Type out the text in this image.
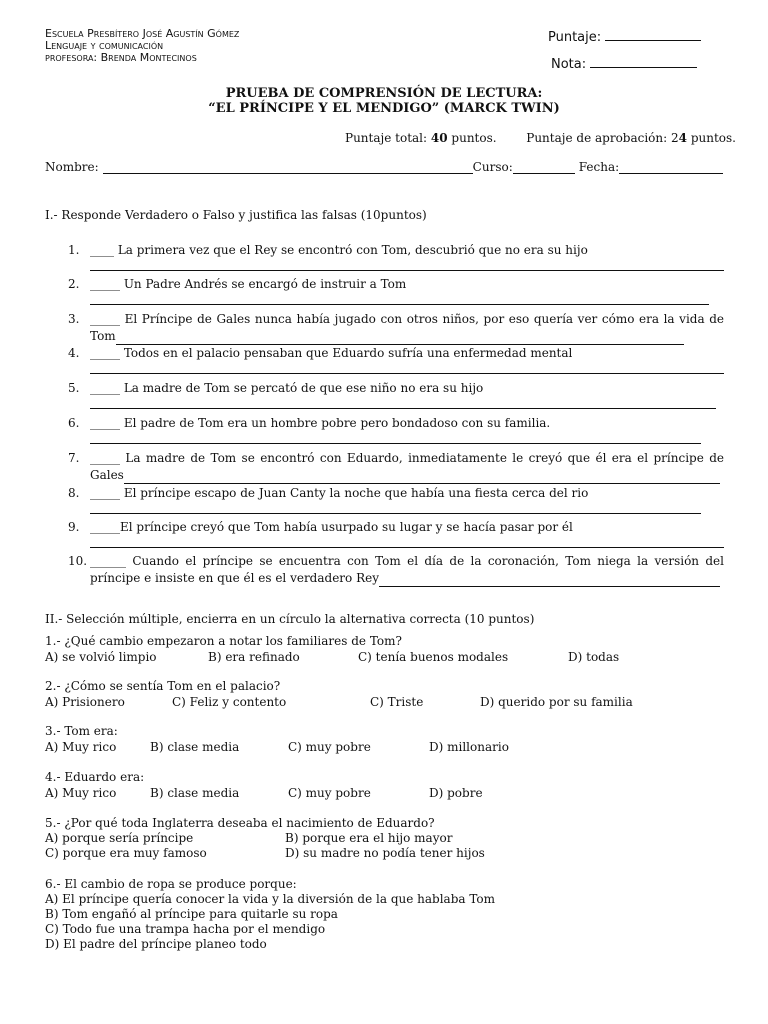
Escuela Presbítero José Agustín Gómez
Lenguaje y comunicación
profesora: Brenda Montecinos
Puntaje:
Nota:
PRUEBA DE COMPRENSIÓN DE LECTURA:
“EL PRÍNCIPE Y EL MENDIGO” (MARCK TWIN)
Puntaje total: 40 puntos. Puntaje de aprobación: 24 puntos.
Nombre:	Curso:	Fecha:
I.- Responde Verdadero o Falso y justifica las falsas (10puntos)
1. ____ La primera vez que el Rey se encontró con Tom, descubrió que no era su hijo
2. _____ Un Padre Andrés se encargó de instruir a Tom
3. _____ El Príncipe de Gales nunca había jugado con otros niños, por eso quería ver cómo era la vida de
Tom
4. _____ Todos en el palacio pensaban que Eduardo sufría una enfermedad mental
5. _____ La madre de Tom se percató de que ese niño no era su hijo
6. _____ El padre de Tom era un hombre pobre pero bondadoso con su familia.
7. _____ La madre de Tom se encontró con Eduardo, inmediatamente le creyó que él era el príncipe de
Gales
8. _____ El príncipe escapo de Juan Canty la noche que había una fiesta cerca del rio
9. _____El príncipe creyó que Tom había usurpado su lugar y se hacía pasar por él
10. ______ Cuando el príncipe se encuentra con Tom el día de la coronación, Tom niega la versión del
príncipe e insiste en que él es el verdadero Rey
II.- Selección múltiple, encierra en un círculo la alternativa correcta (10 puntos)
1.- ¿Qué cambio empezaron a notar los familiares de Tom?
A) se volvió limpio	B) era refinado	C) tenía buenos modales	D) todas
2.- ¿Cómo se sentía Tom en el palacio?
A) Prisionero	C) Feliz y contento	C) Triste	D) querido por su familia
3.- Tom era:
A) Muy rico	B) clase media	C) muy pobre	D) millonario
4.- Eduardo era:
A) Muy rico	B) clase media	C) muy pobre	D) pobre
5.- ¿Por qué toda Inglaterra deseaba el nacimiento de Eduardo?
A) porque sería príncipe	B) porque era el hijo mayor
C) porque era muy famoso	D) su madre no podía tener hijos
6.- El cambio de ropa se produce porque:
A) El príncipe quería conocer la vida y la diversión de la que hablaba Tom
B) Tom engañó al príncipe para quitarle su ropa
C) Todo fue una trampa hacha por el mendigo
D) El padre del príncipe planeo todo
